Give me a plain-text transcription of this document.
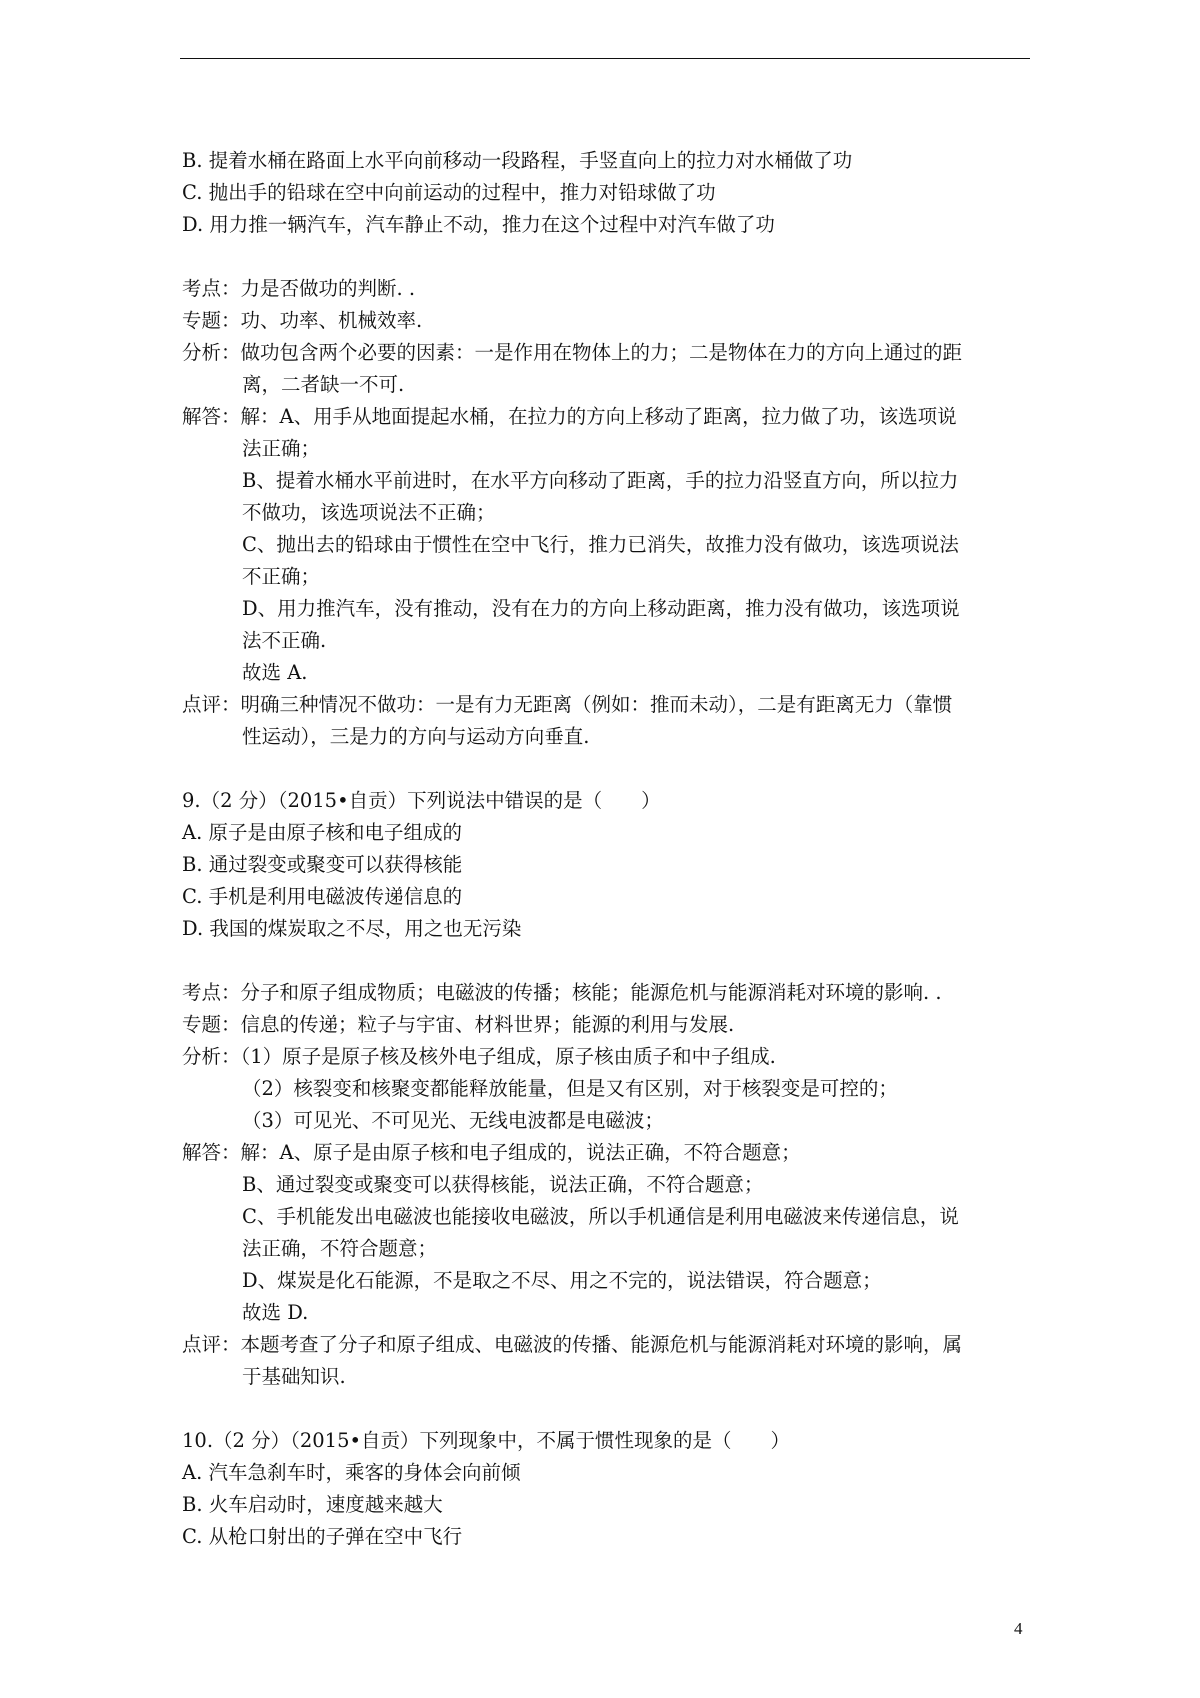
B. 提着水桶在路面上水平向前移动一段路程，手竖直向上的拉力对水桶做了功
C. 抛出手的铅球在空中向前运动的过程中，推力对铅球做了功
D. 用力推一辆汽车，汽车静止不动，推力在这个过程中对汽车做了功
考点：力是否做功的判断. .
专题：功、功率、机械效率.
分析：做功包含两个必要的因素：一是作用在物体上的力；二是物体在力的方向上通过的距
离，二者缺一不可.
解答：解：A、用手从地面提起水桶，在拉力的方向上移动了距离，拉力做了功，该选项说
法正确；
B、提着水桶水平前进时，在水平方向移动了距离，手的拉力沿竖直方向，所以拉力
不做功，该选项说法不正确；
C、抛出去的铅球由于惯性在空中飞行，推力已消失，故推力没有做功，该选项说法
不正确；
D、用力推汽车，没有推动，没有在力的方向上移动距离，推力没有做功，该选项说
法不正确.
故选 A.
点评：明确三种情况不做功：一是有力无距离（例如：推而未动），二是有距离无力（靠惯
性运动），三是力的方向与运动方向垂直.
9.（2 分）（2015•自贡）下列说法中错误的是（　　）
A. 原子是由原子核和电子组成的
B. 通过裂变或聚变可以获得核能
C. 手机是利用电磁波传递信息的
D. 我国的煤炭取之不尽，用之也无污染
考点：分子和原子组成物质；电磁波的传播；核能；能源危机与能源消耗对环境的影响. .
专题：信息的传递；粒子与宇宙、材料世界；能源的利用与发展.
分析：（1）原子是原子核及核外电子组成，原子核由质子和中子组成.
（2）核裂变和核聚变都能释放能量，但是又有区别，对于核裂变是可控的；
（3）可见光、不可见光、无线电波都是电磁波；
解答：解：A、原子是由原子核和电子组成的，说法正确，不符合题意；
B、通过裂变或聚变可以获得核能，说法正确，不符合题意；
C、手机能发出电磁波也能接收电磁波，所以手机通信是利用电磁波来传递信息，说
法正确，不符合题意；
D、煤炭是化石能源，不是取之不尽、用之不完的，说法错误，符合题意；
故选 D.
点评：本题考查了分子和原子组成、电磁波的传播、能源危机与能源消耗对环境的影响，属
于基础知识.
10.（2 分）（2015•自贡）下列现象中，不属于惯性现象的是（　　）
A. 汽车急刹车时，乘客的身体会向前倾
B. 火车启动时，速度越来越大
C. 从枪口射出的子弹在空中飞行
4
